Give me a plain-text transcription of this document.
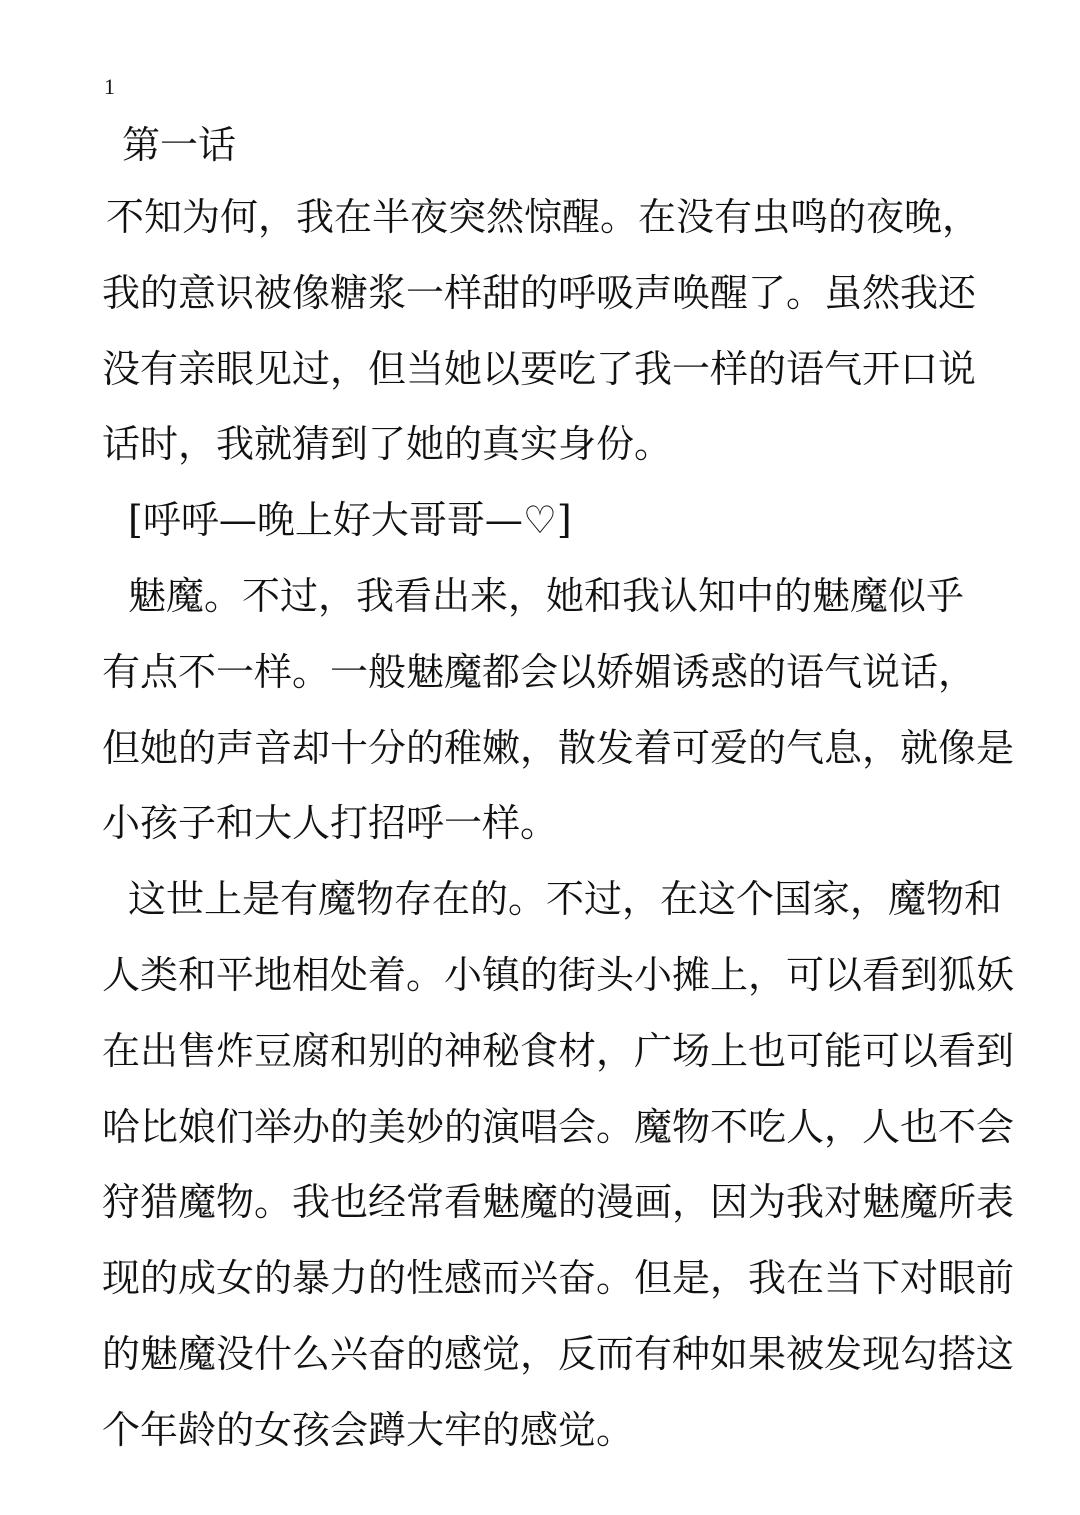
1
第一话
不知为何，我在半夜突然惊醒。在没有虫鸣的夜晚，
我的意识被像糖浆一样甜的呼吸声唤醒了。虽然我还
没有亲眼见过，但当她以要吃了我一样的语气开口说
话时，我就猜到了她的真实身份。
[呼呼—晚上好大哥哥—♡]
魅魔。不过，我看出来，她和我认知中的魅魔似乎
有点不一样。一般魅魔都会以娇媚诱惑的语气说话，
但她的声音却十分的稚嫩，散发着可爱的气息，就像是
小孩子和大人打招呼一样。
这世上是有魔物存在的。不过，在这个国家，魔物和
人类和平地相处着。小镇的街头小摊上，可以看到狐妖
在出售炸豆腐和别的神秘食材，广场上也可能可以看到
哈比娘们举办的美妙的演唱会。魔物不吃人，人也不会
狩猎魔物。我也经常看魅魔的漫画，因为我对魅魔所表
现的成女的暴力的性感而兴奋。但是，我在当下对眼前
的魅魔没什么兴奋的感觉，反而有种如果被发现勾搭这
个年龄的女孩会蹲大牢的感觉。
